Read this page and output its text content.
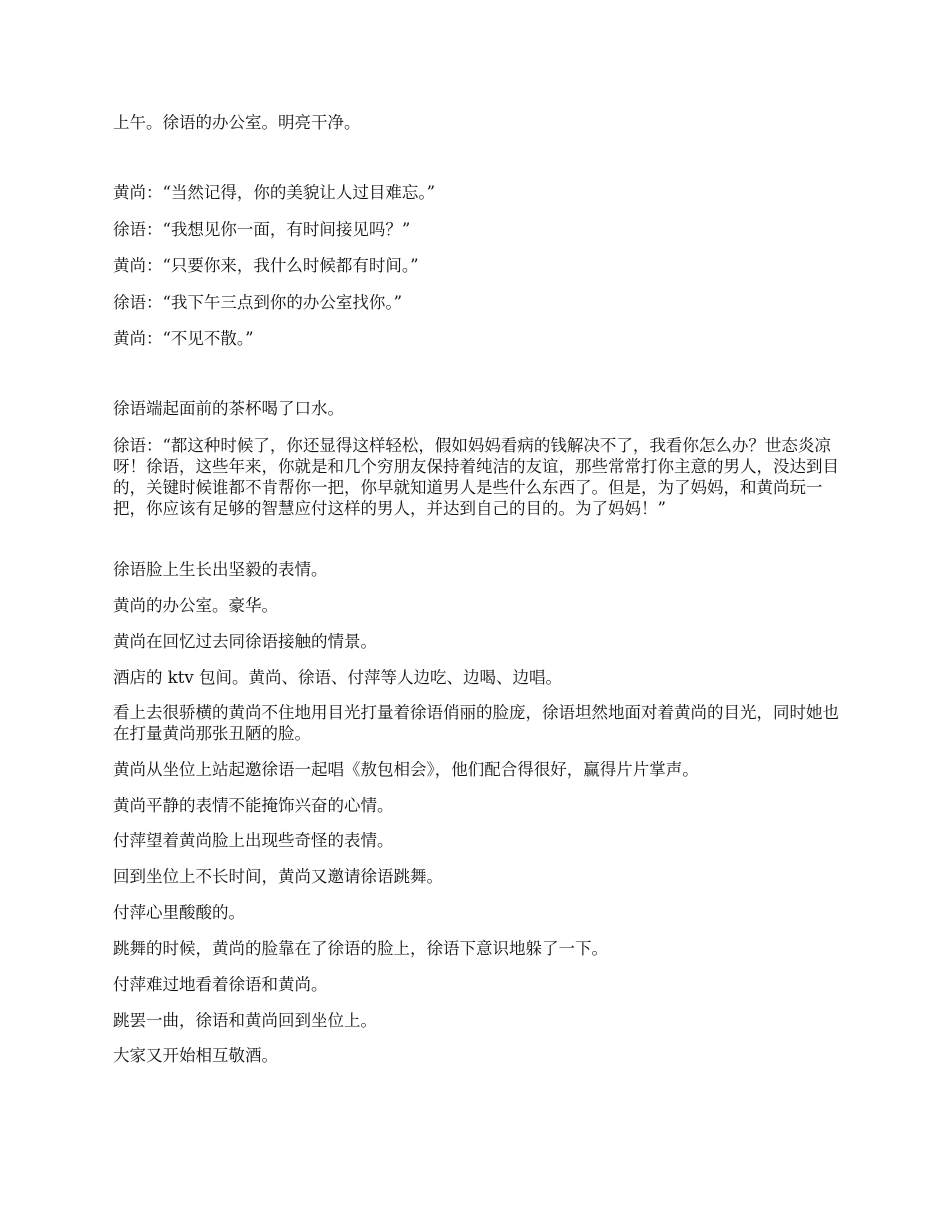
上午。徐语的办公室。明亮干净。

黄尚：“当然记得，你的美貌让人过目难忘。”

徐语：“我想见你一面，有时间接见吗？”

黄尚：“只要你来，我什么时候都有时间。”

徐语：“我下午三点到你的办公室找你。”

黄尚：“不见不散。”

徐语端起面前的茶杯喝了口水。

徐语：“都这种时候了，你还显得这样轻松，假如妈妈看病的钱解决不了，我看你怎么办？世态炎凉呀！徐语，这些年来，你就是和几个穷朋友保持着纯洁的友谊，那些常常打你主意的男人，没达到目的，关键时候谁都不肯帮你一把，你早就知道男人是些什么东西了。但是，为了妈妈，和黄尚玩一把，你应该有足够的智慧应付这样的男人，并达到自己的目的。为了妈妈！”

徐语脸上生长出坚毅的表情。

黄尚的办公室。豪华。

黄尚在回忆过去同徐语接触的情景。

酒店的 ktv 包间。黄尚、徐语、付萍等人边吃、边喝、边唱。

看上去很骄横的黄尚不住地用目光打量着徐语俏丽的脸庞，徐语坦然地面对着黄尚的目光，同时她也在打量黄尚那张丑陋的脸。

黄尚从坐位上站起邀徐语一起唱《敖包相会》，他们配合得很好，赢得片片掌声。

黄尚平静的表情不能掩饰兴奋的心情。

付萍望着黄尚脸上出现些奇怪的表情。

回到坐位上不长时间，黄尚又邀请徐语跳舞。

付萍心里酸酸的。

跳舞的时候，黄尚的脸靠在了徐语的脸上，徐语下意识地躲了一下。

付萍难过地看着徐语和黄尚。

跳罢一曲，徐语和黄尚回到坐位上。

大家又开始相互敬酒。
